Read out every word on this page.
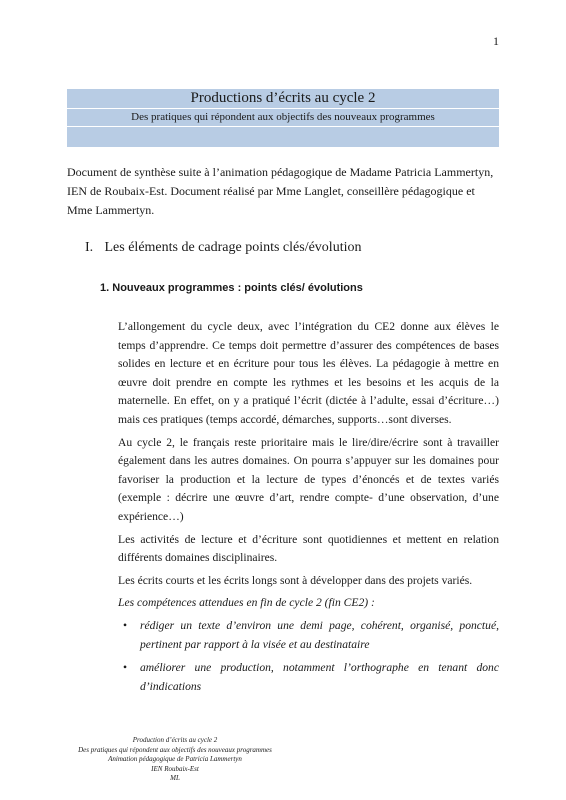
1
Productions d’écrits au cycle 2
Des pratiques qui répondent aux objectifs des nouveaux programmes

Document de synthèse suite à l’animation pédagogique de Madame Patricia Lammertyn, IEN de Roubaix-Est. Document réalisé par Mme Langlet, conseillère pédagogique et Mme Lammertyn.

I. Les éléments de cadrage points clés/évolution
1. Nouveaux programmes : points clés/ évolutions

L’allongement du cycle deux, avec l’intégration du CE2 donne aux élèves le temps d’apprendre. Ce temps doit permettre d’assurer des compétences de bases solides en lecture et en écriture pour tous les élèves. La pédagogie à mettre en œuvre doit prendre en compte les rythmes et les besoins et les acquis de la maternelle. En effet, on y a pratiqué l’écrit (dictée à l’adulte, essai d’écriture…) mais ces pratiques (temps accordé, démarches, supports…sont diverses.

Au cycle 2, le français reste prioritaire mais le lire/dire/écrire sont à travailler également dans les autres domaines. On pourra s’appuyer sur les domaines pour favoriser la production et la lecture de types d’énoncés et de textes variés (exemple : décrire une œuvre d’art, rendre compte- d’une observation, d’une expérience…)

Les activités de lecture et d’écriture sont quotidiennes et mettent en relation différents domaines disciplinaires.

Les écrits courts et les écrits longs sont à développer dans des projets variés.

Les compétences attendues en fin de cycle 2 (fin CE2) :

• rédiger un texte d’environ une demi page, cohérent, organisé, ponctué, pertinent par rapport à la visée et au destinataire
• améliorer une production, notamment l’orthographe en tenant donc d’indications
Production d’écrits au cycle 2
Des pratiques qui répondent aux objectifs des nouveaux programmes
Animation pédagogique de Patricia Lammertyn
IEN Roubaix-Est
ML
